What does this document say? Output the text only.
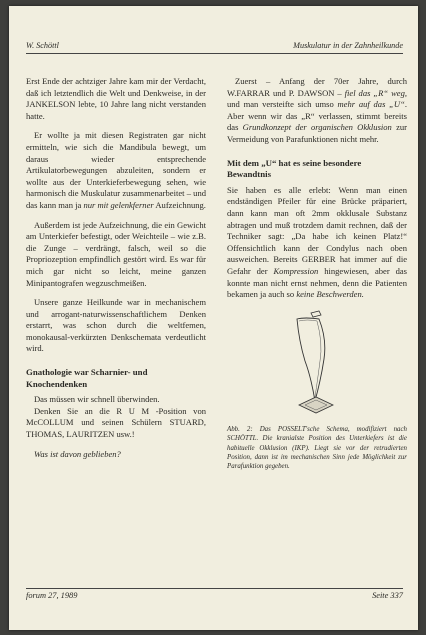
W. Schöttl	Muskulatur in der Zahnheilkunde

Erst Ende der achtziger Jahre kam mir der Verdacht, daß ich letztendlich die Welt und Denkweise, in der JANKELSON lebte, 10 Jahre lang nicht verstanden hatte.

Er wollte ja mit diesen Registraten gar nicht ermitteln, wie sich die Mandibula bewegt, um daraus wieder entsprechende Artikulatorbewegungen abzuleiten, sondern er wollte aus der Unterkieferbewegung sehen, wie harmonisch die Muskulatur zusammenarbeitet – und das kann man ja nur mit gelenkferner Aufzeichnung.

Außerdem ist jede Aufzeichnung, die ein Gewicht am Unterkiefer befestigt, oder Weichteile – wie z.B. die Zunge – verdrängt, falsch, weil so die Propriozeption empfindlich gestört wird. Es war für mich gar nicht so leicht, meine ganzen Minipantografen wegzuschmeißen.

Unsere ganze Heilkunde war in mechanischem und arrogant-naturwissenschaftlichem Denken erstarrt, was schon durch die weltfemen, monokausal-verkürzten Denkschemata verdeutlicht wird.

Gnathologie war Scharnier- und Knochendenken

Das müssen wir schnell überwinden.

Denken Sie an die R U M -Position von McCOLLUM und seinen Schülern STUARD, THOMAS, LAURITZEN usw.!

Was ist davon geblieben?

Zuerst – Anfang der 70er Jahre, durch W.FARRAR und P. DAWSON – fiel das „R“ weg, und man versteifte sich umso mehr auf das „U“. Aber wenn wir das „R“ verlassen, stimmt bereits das Grundkonzept der organischen Okklusion zur Vermeidung von Parafunktionen nicht mehr.

Mit dem „U“ hat es seine besondere Bewandtnis

Sie haben es alle erlebt: Wenn man einen endständigen Pfeiler für eine Brücke präpariert, dann kann man oft 2mm okklusale Substanz abtragen und muß trotzdem damit rechnen, daß der Techniker sagt: „Da habe ich keinen Platz!“ Offensichtlich kann der Condylus nach oben ausweichen. Bereits GERBER hat immer auf die Gefahr der Kompression hingewiesen, aber das konnte man nicht ernst nehmen, denn die Patienten bekamen ja auch so keine Beschwerden.

Abb. 2: Das POSSELT'sche Schema, modifiziert nach SCHÖTTL. Die kranialste Position des Unterkiefers ist die habituelle Okklusion (IKP). Liegt sie vor der retrudierten Position, dann ist im mechanischen Sinn jede Möglichkeit zur Parafunktion gegeben.
forum 27, 1989	Seite 337
